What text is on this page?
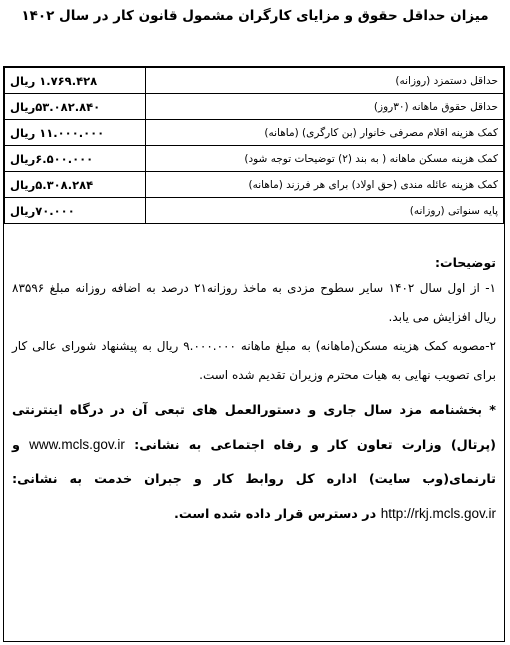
میزان حداقل حقوق و مزایای کارگران مشمول قانون کار در سال ۱۴۰۲
حداقل دستمزد (روزانه)	۱.۷۶۹.۴۲۸ ریال
حداقل حقوق ماهانه (۳۰روز)	۵۳.۰۸۲.۸۴۰ریال
کمک هزینه اقلام مصرفی خانوار (بن کارگری) (ماهانه)	۱۱.۰۰۰.۰۰۰ ریال
کمک هزینه مسکن ماهانه ( به بند (۲) توضیحات توجه شود)	۶.۵۰۰.۰۰۰ریال
کمک هزینه عائله مندی (حق اولاد) برای هر فرزند (ماهانه)	۵.۳۰۸.۲۸۴ریال
پایه سنواتی (روزانه)	۷۰.۰۰۰ریال
توضیحات:
۱- از اول سال ۱۴۰۲ سایر سطوح مزدی به ماخذ روزانه۲۱ درصد به اضافه روزانه مبلغ ۸۳۵۹۶ ریال افزایش می یابد.
۲-مصوبه کمک هزینه مسکن(ماهانه) به مبلغ ماهانه ۹.۰۰۰.۰۰۰ ریال به پیشنهاد شورای عالی کار برای تصویب نهایی به هیات محترم وزیران تقدیم شده است.
* بخشنامه مزد سال جاری و دستورالعمل های تبعی آن در درگاه اینترنتی (پرتال) وزارت تعاون کار و رفاه اجتماعی به نشانی: www.mcls.gov.ir و تارنمای(وب سایت) اداره کل روابط کار و جبران خدمت به نشانی: http://rkj.mcls.gov.ir در دسترس قرار داده شده است.
